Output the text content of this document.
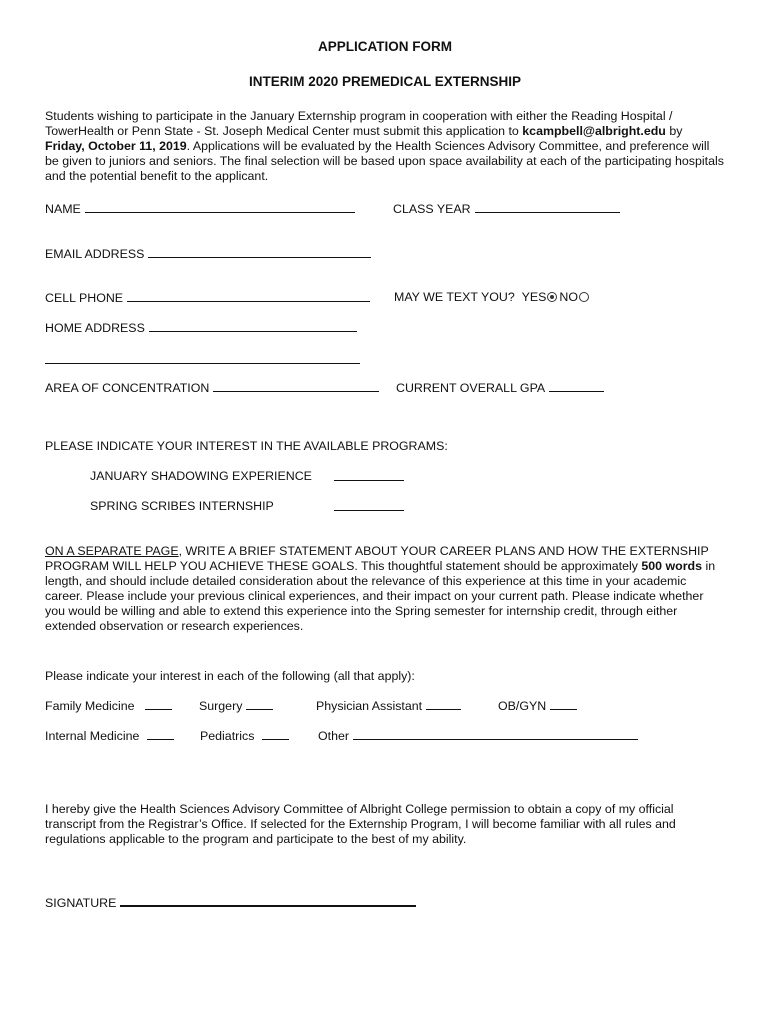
APPLICATION FORM
INTERIM 2020 PREMEDICAL EXTERNSHIP
Students wishing to participate in the January Externship program in cooperation with either the Reading Hospital / TowerHealth or Penn State - St. Joseph Medical Center must submit this application to kcampbell@albright.edu by Friday, October 11, 2019. Applications will be evaluated by the Health Sciences Advisory Committee, and preference will be given to juniors and seniors. The final selection will be based upon space availability at each of the participating hospitals and the potential benefit to the applicant.
NAME	CLASS YEAR
EMAIL ADDRESS
CELL PHONE	MAY WE TEXT YOU? YES NO
HOME ADDRESS
AREA OF CONCENTRATION	CURRENT OVERALL GPA
PLEASE INDICATE YOUR INTEREST IN THE AVAILABLE PROGRAMS:
JANUARY SHADOWING EXPERIENCE
SPRING SCRIBES INTERNSHIP
ON A SEPARATE PAGE, WRITE A BRIEF STATEMENT ABOUT YOUR CAREER PLANS AND HOW THE EXTERNSHIP PROGRAM WILL HELP YOU ACHIEVE THESE GOALS. This thoughtful statement should be approximately 500 words in length, and should include detailed consideration about the relevance of this experience at this time in your academic career. Please include your previous clinical experiences, and their impact on your current path. Please indicate whether you would be willing and able to extend this experience into the Spring semester for internship credit, through either extended observation or research experiences.
Please indicate your interest in each of the following (all that apply):
Family Medicine	Surgery	Physician Assistant	OB/GYN
Internal Medicine	Pediatrics	Other
I hereby give the Health Sciences Advisory Committee of Albright College permission to obtain a copy of my official transcript from the Registrar’s Office. If selected for the Externship Program, I will become familiar with all rules and regulations applicable to the program and participate to the best of my ability.
SIGNATURE
